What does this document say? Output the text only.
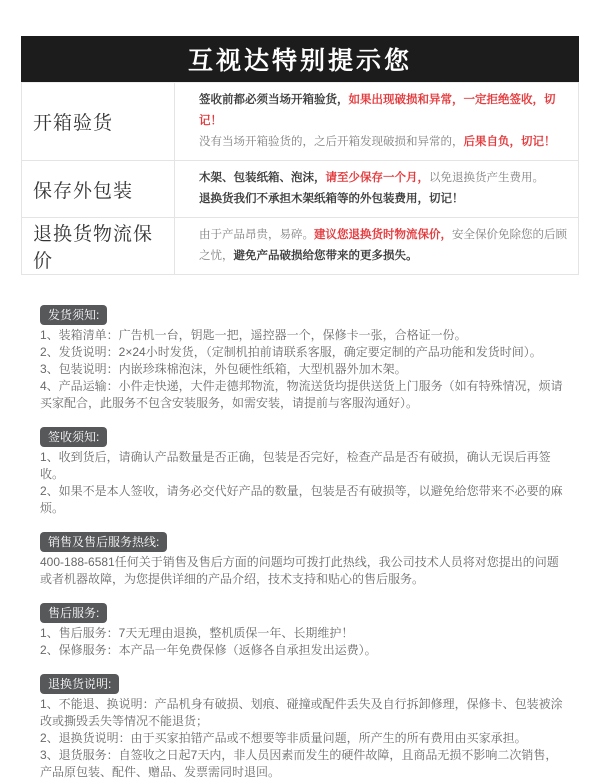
互视达特别提示您
开箱验货

签收前都必须当场开箱验货，如果出现破损和异常，一定拒绝签收，切记！

没有当场开箱验货的，之后开箱发现破损和异常的，后果自负，切记！

保存外包装

木架、包装纸箱、泡沫，请至少保存一个月，以免退换货产生费用。

退换货我们不承担木架纸箱等的外包装费用，切记！

退换货物流保价

由于产品昂贵，易碎。建议您退换货时物流保价，安全保价免除您的后顾之忧，避免产品破损给您带来的更多损失。

发货须知:

1、装箱清单：广告机一台，钥匙一把，遥控器一个，保修卡一张，合格证一份。

2、发货说明：2×24小时发货，（定制机拍前请联系客服，确定要定制的产品功能和发货时间）。

3、包装说明：内嵌珍珠棉泡沫，外包硬性纸箱，大型机器外加木架。

4、产品运输：小件走快递，大件走德邦物流，物流送货均提供送货上门服务（如有特殊情况，烦请买家配合，此服务不包含安装服务，如需安装，请提前与客服沟通好）。

签收须知:

1、收到货后，请确认产品数量是否正确，包装是否完好，检查产品是否有破损，确认无误后再签收。

2、如果不是本人签收，请务必交代好产品的数量，包装是否有破损等，以避免给您带来不必要的麻烦。

销售及售后服务热线:

400-188-6581任何关于销售及售后方面的问题均可拨打此热线，我公司技术人员将对您提出的问题或者机器故障，为您提供详细的产品介绍，技术支持和贴心的售后服务。

售后服务:

1、售后服务：7天无理由退换，整机质保一年、长期维护！

2、保修服务：本产品一年免费保修（返修各自承担发出运费）。

退换货说明:

1、不能退、换说明：产品机身有破损、划痕、碰撞或配件丢失及自行拆卸修理，保修卡、包装被涂改或撕毁丢失等情况不能退货；

2、退换货说明：由于买家拍错产品或不想要等非质量问题，所产生的所有费用由买家承担。

3、退货服务：自签收之日起7天内，非人员因素而发生的硬件故障，且商品无损不影响二次销售，产品原包装、配件、赠品、发票需同时退回。
